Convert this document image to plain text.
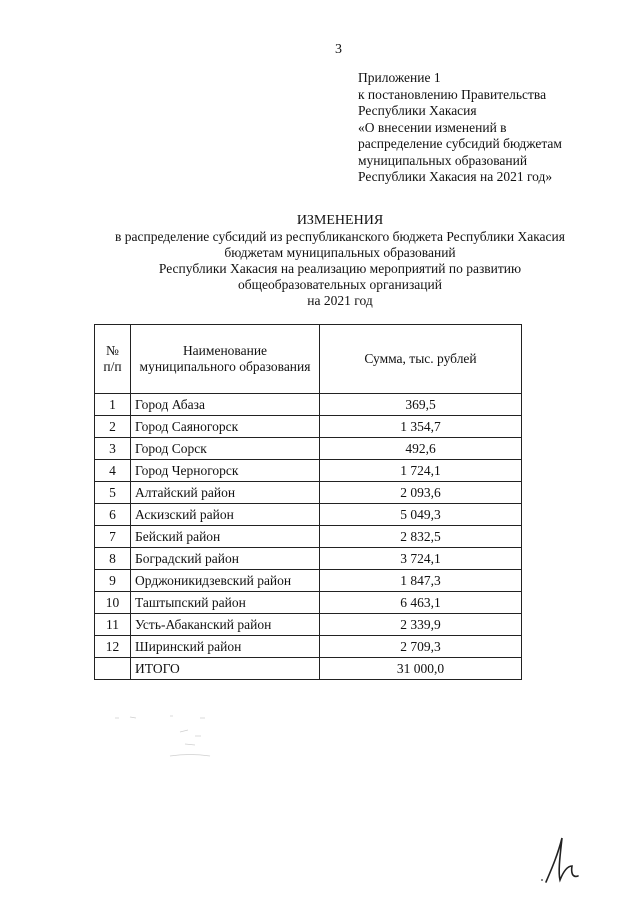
3
Приложение 1
к постановлению Правительства
Республики Хакасия
«О внесении изменений в
распределение субсидий бюджетам
муниципальных образований
Республики Хакасия на 2021 год»
ИЗМЕНЕНИЯ
в распределение субсидий из республиканского бюджета Республики Хакасия
бюджетам муниципальных образований
Республики Хакасия на реализацию мероприятий по развитию
общеобразовательных организаций
на 2021 год
№ п/п	Наименование муниципального образования	Сумма, тыс. рублей
1	Город Абаза	369,5
2	Город Саяногорск	1 354,7
3	Город Сорск	492,6
4	Город Черногорск	1 724,1
5	Алтайский район	2 093,6
6	Аскизский район	5 049,3
7	Бейский район	2 832,5
8	Боградский район	3 724,1
9	Орджоникидзевский район	1 847,3
10	Таштыпский район	6 463,1
11	Усть-Абаканский район	2 339,9
12	Ширинский район	2 709,3
	ИТОГО	31 000,0
